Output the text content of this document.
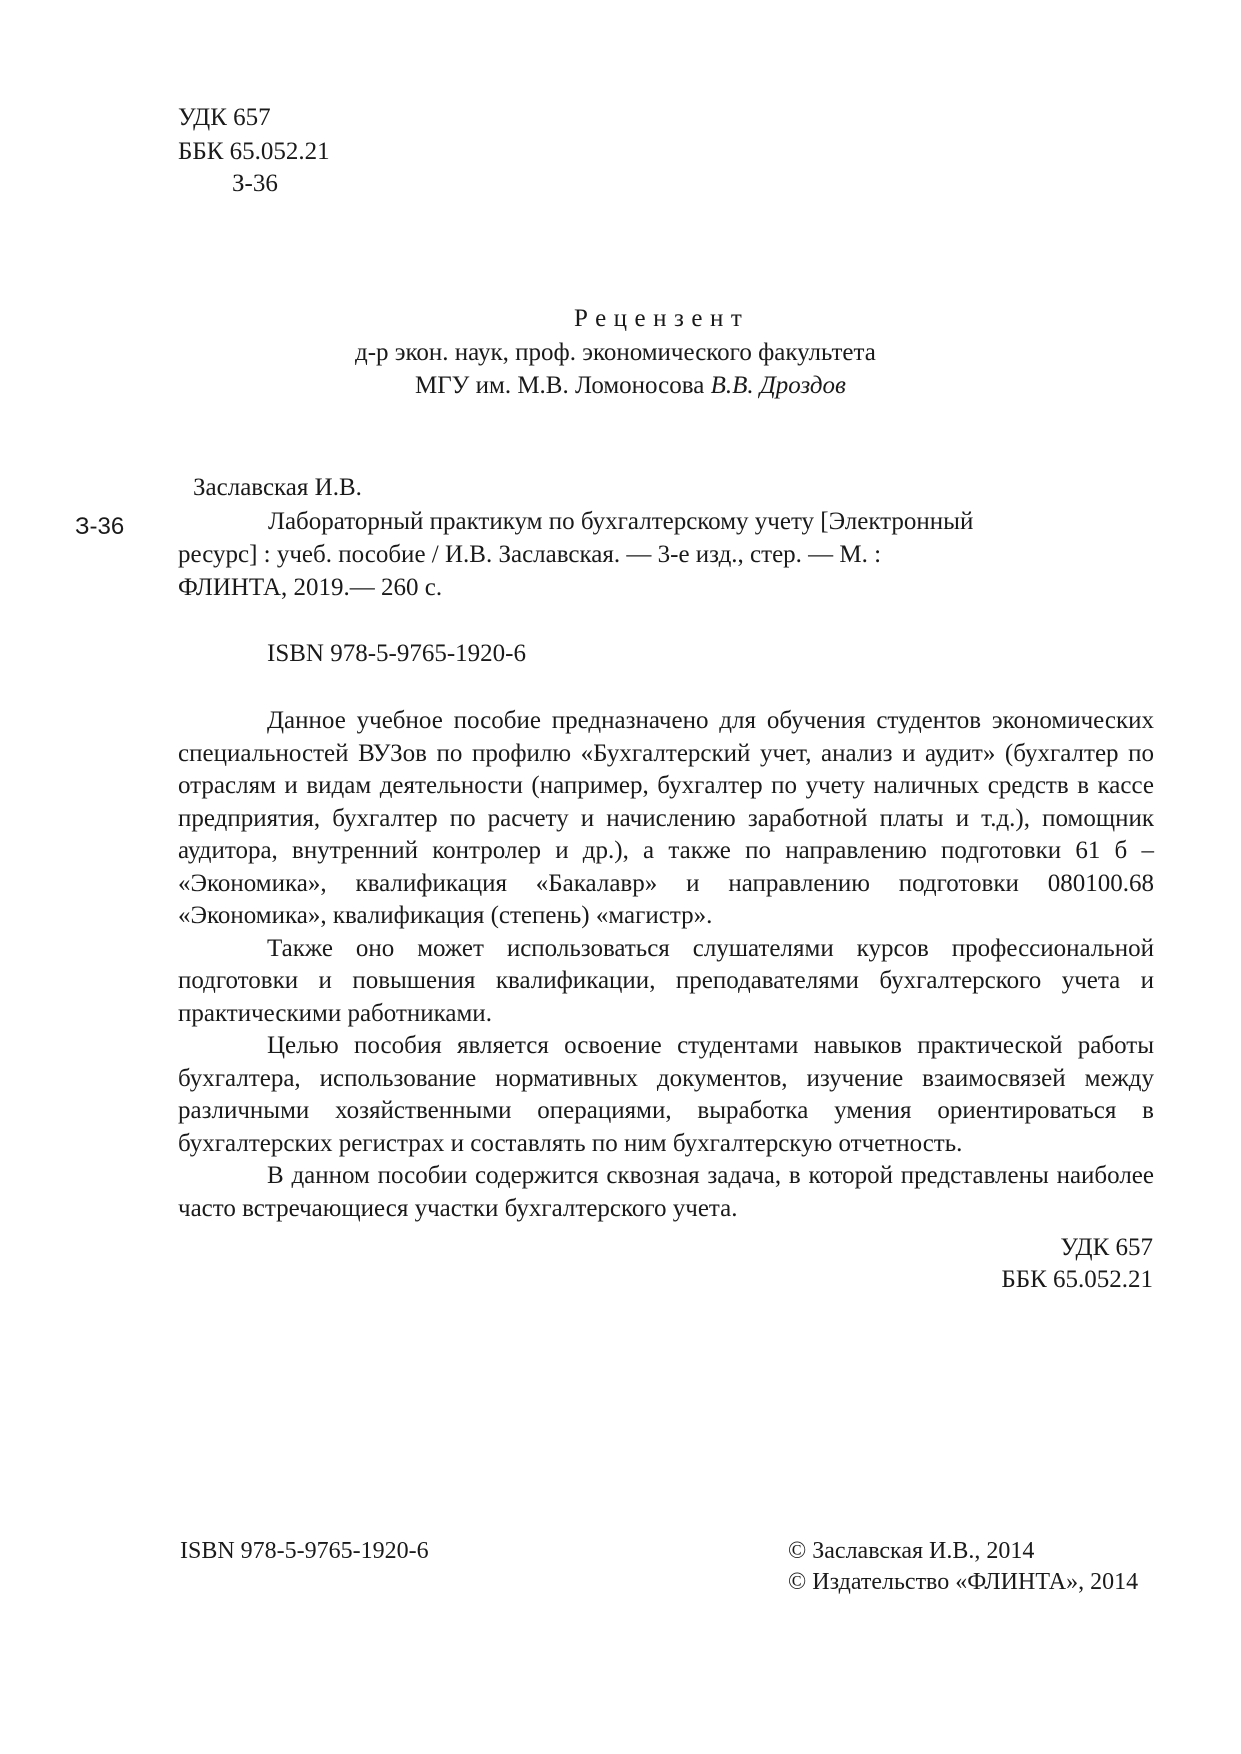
УДК 657
ББК 65.052.21
З-36
Рецензент
д-р экон. наук, проф. экономического факультета
МГУ им. М.В. Ломоносова В.В. Дроздов
Заславская И.В.
З-36	Лабораторный практикум по бухгалтерскому учету [Электронный
ресурс] : учеб. пособие / И.В. Заславская. — 3-е изд., стер. — М. :
ФЛИНТА, 2019.— 260 с.
ISBN 978-5-9765-1920-6

Данное учебное пособие предназначено для обучения студентов экономических специальностей ВУЗов по профилю «Бухгалтерский учет, анализ и аудит» (бухгалтер по отраслям и видам деятельности (например, бухгалтер по учету наличных средств в кассе предприятия, бухгалтер по расчету и начислению заработной платы и т.д.), помощник аудитора, внутренний контролер и др.), а также по направлению подготовки 61 б – «Экономика», квалификация «Бакалавр» и направлению подготовки 080100.68 «Экономика», квалификация (степень) «магистр».

Также оно может использоваться слушателями курсов профессиональной подготовки и повышения квалификации, преподавателями бухгалтерского учета и практическими работниками.

Целью пособия является освоение студентами навыков практической работы бухгалтера, использование нормативных документов, изучение взаимосвязей между различными хозяйственными операциями, выработка умения ориентироваться в бухгалтерских регистрах и составлять по ним бухгалтерскую отчетность.

В данном пособии содержится сквозная задача, в которой представлены наиболее часто встречающиеся участки бухгалтерского учета.

УДК 657
ББК 65.052.21
ISBN 978-5-9765-1920-6	© Заславская И.В., 2014
© Издательство «ФЛИНТА», 2014
